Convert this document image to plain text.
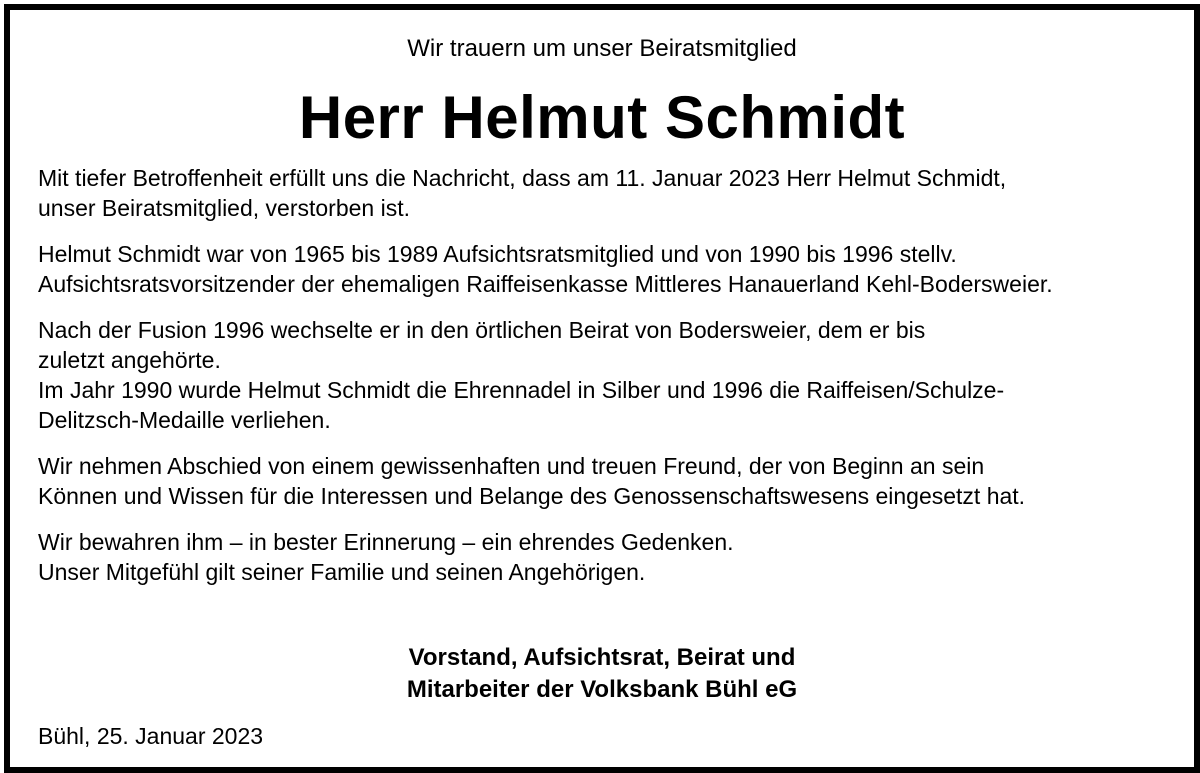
Wir trauern um unser Beiratsmitglied
Herr Helmut Schmidt

Mit tiefer Betroffenheit erfüllt uns die Nachricht, dass am 11. Januar 2023 Herr Helmut Schmidt,
unser Beiratsmitglied, verstorben ist.

Helmut Schmidt war von 1965 bis 1989 Aufsichtsratsmitglied und von 1990 bis 1996 stellv.
Aufsichtsratsvorsitzender der ehemaligen Raiffeisenkasse Mittleres Hanauerland Kehl-Bodersweier.

Nach der Fusion 1996 wechselte er in den örtlichen Beirat von Bodersweier, dem er bis
zuletzt angehörte.

Im Jahr 1990 wurde Helmut Schmidt die Ehrennadel in Silber und 1996 die Raiffeisen/Schulze-
Delitzsch-Medaille verliehen.

Wir nehmen Abschied von einem gewissenhaften und treuen Freund, der von Beginn an sein
Können und Wissen für die Interessen und Belange des Genossenschaftswesens eingesetzt hat.

Wir bewahren ihm – in bester Erinnerung – ein ehrendes Gedenken.
Unser Mitgefühl gilt seiner Familie und seinen Angehörigen.

Vorstand, Aufsichtsrat, Beirat und
Mitarbeiter der Volksbank Bühl eG
Bühl, 25. Januar 2023
